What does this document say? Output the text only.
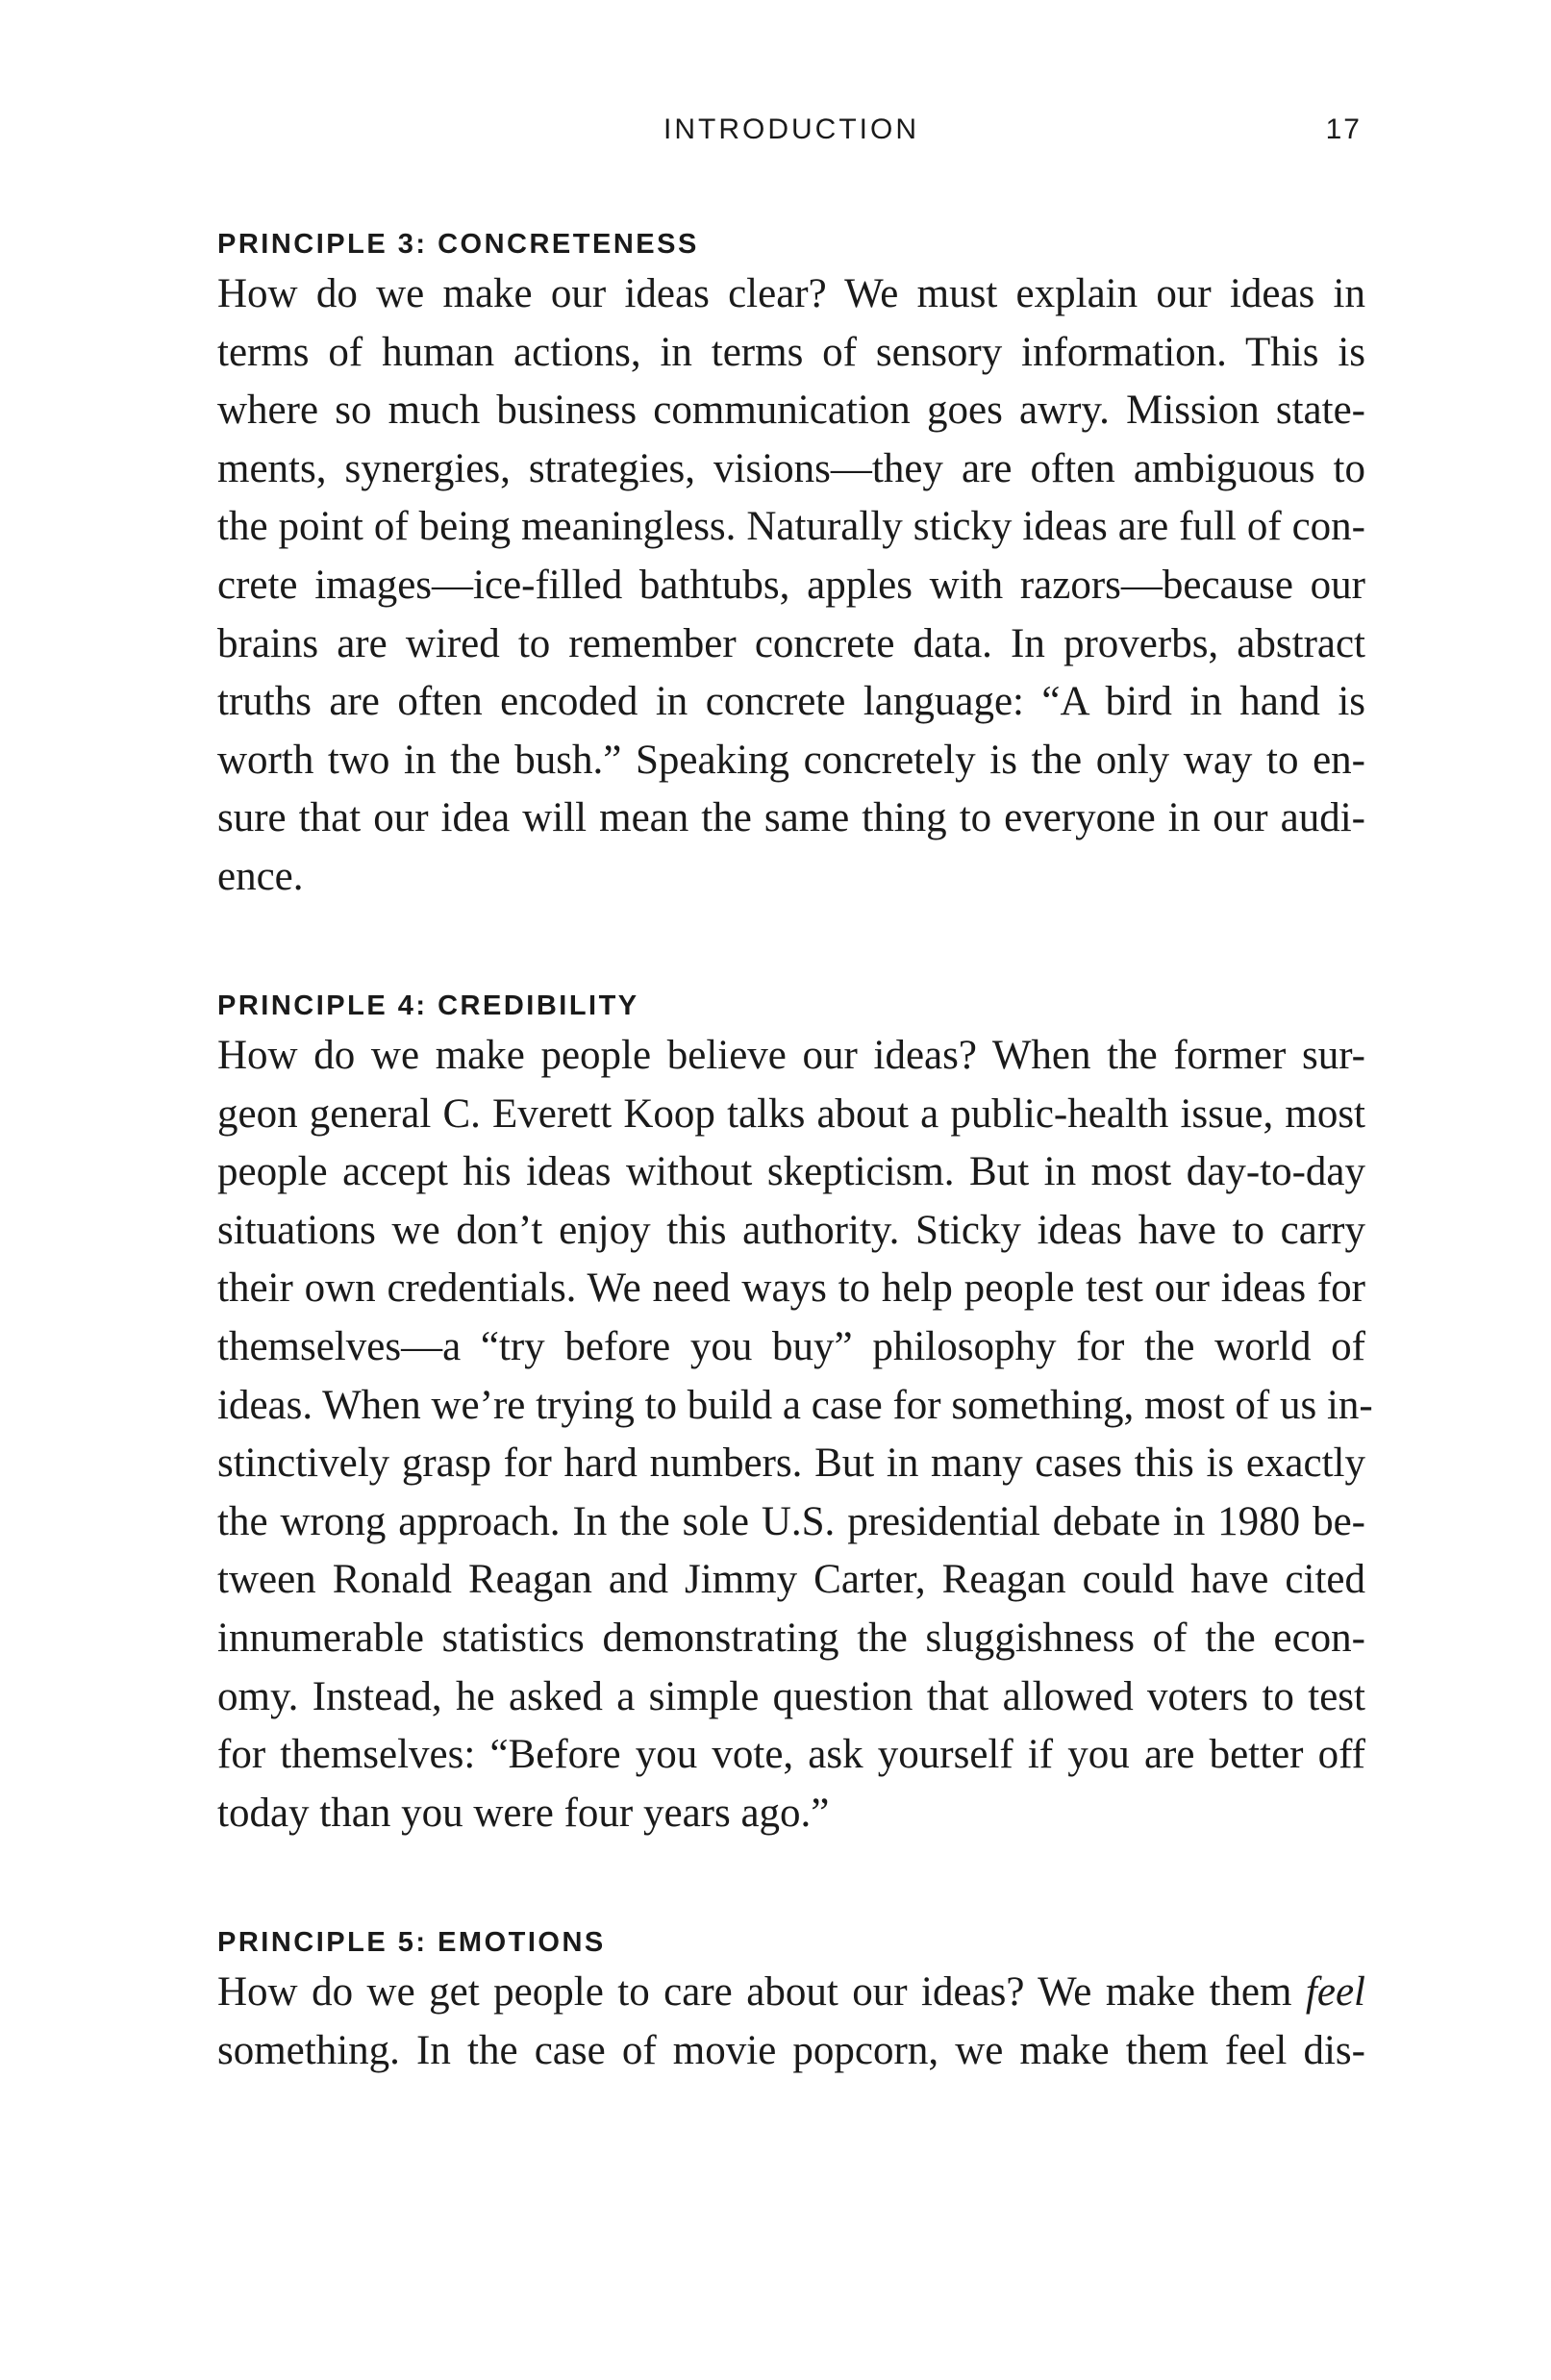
INTRODUCTION	17
PRINCIPLE 3: CONCRETENESS
How do we make our ideas clear? We must explain our ideas in
terms of human actions, in terms of sensory information. This is
where so much business communication goes awry. Mission state-
ments, synergies, strategies, visions—they are often ambiguous to
the point of being meaningless. Naturally sticky ideas are full of con-
crete images—ice-filled bathtubs, apples with razors—because our
brains are wired to remember concrete data. In proverbs, abstract
truths are often encoded in concrete language: “A bird in hand is
worth two in the bush.” Speaking concretely is the only way to en-
sure that our idea will mean the same thing to everyone in our audi-
ence.
PRINCIPLE 4: CREDIBILITY
How do we make people believe our ideas? When the former sur-
geon general C. Everett Koop talks about a public-health issue, most
people accept his ideas without skepticism. But in most day-to-day
situations we don’t enjoy this authority. Sticky ideas have to carry
their own credentials. We need ways to help people test our ideas for
themselves—a “try before you buy” philosophy for the world of
ideas. When we’re trying to build a case for something, most of us in-
stinctively grasp for hard numbers. But in many cases this is exactly
the wrong approach. In the sole U.S. presidential debate in 1980 be-
tween Ronald Reagan and Jimmy Carter, Reagan could have cited
innumerable statistics demonstrating the sluggishness of the econ-
omy. Instead, he asked a simple question that allowed voters to test
for themselves: “Before you vote, ask yourself if you are better off
today than you were four years ago.”
PRINCIPLE 5: EMOTIONS
How do we get people to care about our ideas? We make them feel
something. In the case of movie popcorn, we make them feel dis-
